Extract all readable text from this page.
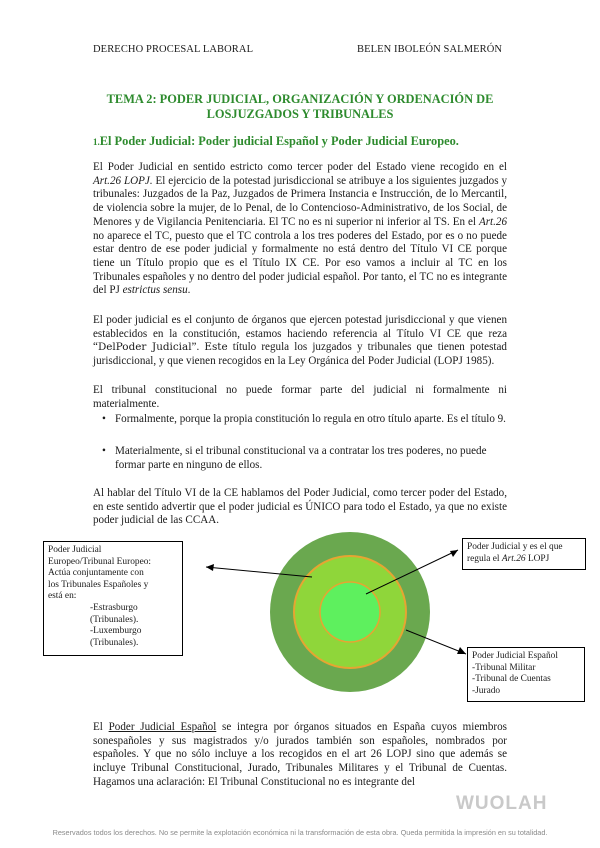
DERECHO PROCESAL LABORAL	BELEN IBOLEÓN SALMERÓN
TEMA 2: PODER JUDICIAL, ORGANIZACIÓN Y ORDENACIÓN DE
LOSJUZGADOS Y TRIBUNALES
1.El Poder Judicial: Poder judicial Español y Poder Judicial Europeo.
El Poder Judicial en sentido estricto como tercer poder del Estado viene recogido en el Art.26 LOPJ. El ejercicio de la potestad jurisdiccional se atribuye a los siguientes juzgados y tribunales: Juzgados de la Paz, Juzgados de Primera Instancia e Instrucción, de lo Mercantil, de violencia sobre la mujer, de lo Penal, de lo Contencioso-Administrativo, de los Social, de Menores y de Vigilancia Penitenciaria. El TC no es ni superior ni inferior al TS. En el Art.26 no aparece el TC, puesto que el TC controla a los tres poderes del Estado, por es o no puede estar dentro de ese poder judicial y formalmente no está dentro del Título VI CE porque tiene un Título propio que es el Título IX CE. Por eso vamos a incluir al TC en los Tribunales españoles y no dentro del poder judicial español. Por tanto, el TC no es integrante del PJ estrictus sensu.
El poder judicial es el conjunto de órganos que ejercen potestad jurisdiccional y que vienen establecidos en la constitución, estamos haciendo referencia al Título VI CE que reza “DelPoder Judicial”. Este título regula los juzgados y tribunales que tienen potestad jurisdiccional, y que vienen recogidos en la Ley Orgánica del Poder Judicial (LOPJ 1985).
El tribunal constitucional no puede formar parte del judicial ni formalmente ni materialmente.
• Formalmente, porque la propia constitución lo regula en otro título aparte. Es el título 9.
• Materialmente, si el tribunal constitucional va a contratar los tres poderes, no puede formar parte en ninguno de ellos.
Al hablar del Título VI de la CE hablamos del Poder Judicial, como tercer poder del Estado, en este sentido advertir que el poder judicial es ÚNICO para todo el Estado, ya que no existe poder judicial de las CCAA.
Poder Judicial
Europeo/Tribunal Europeo:
Actúa conjuntamente con
los Tribunales Españoles y
está en:
-Estrasburgo
(Tribunales).
-Luxemburgo
(Tribunales).
Poder Judicial y es el que
regula el Art.26 LOPJ
Poder Judicial Español
-Tribunal Militar
-Tribunal de Cuentas
-Jurado
El Poder Judicial Español se integra por órganos situados en España cuyos miembros sonespañoles y sus magistrados y/o jurados también son españoles, nombrados por españoles. Y que no sólo incluye a los recogidos en el art 26 LOPJ sino que además se incluye Tribunal Constitucional, Jurado, Tribunales Militares y el Tribunal de Cuentas. Hagamos una aclaración: El Tribunal Constitucional no es integrante del
WUOLAH
Reservados todos los derechos. No se permite la explotación económica ni la transformación de esta obra. Queda permitida la impresión en su totalidad.
